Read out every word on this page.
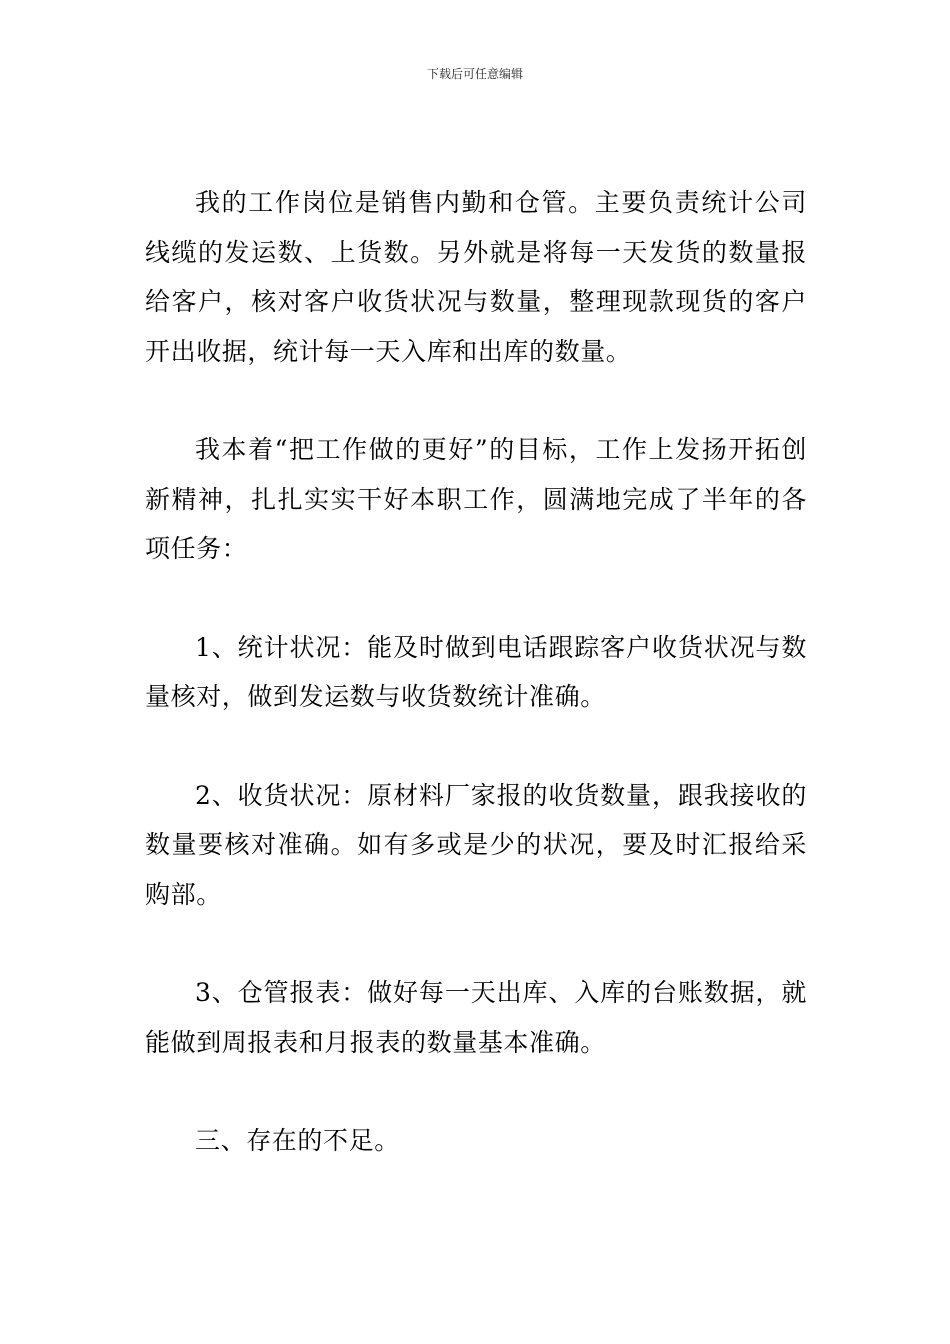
下载后可任意编辑

我的工作岗位是销售内勤和仓管。主要负责统计公司线缆的发运数、上货数。另外就是将每一天发货的数量报给客户，核对客户收货状况与数量，整理现款现货的客户开出收据，统计每一天入库和出库的数量。

我本着“把工作做的更好”的目标，工作上发扬开拓创新精神，扎扎实实干好本职工作，圆满地完成了半年的各项任务：

1、统计状况：能及时做到电话跟踪客户收货状况与数量核对，做到发运数与收货数统计准确。

2、收货状况：原材料厂家报的收货数量，跟我接收的数量要核对准确。如有多或是少的状况，要及时汇报给采购部。

3、仓管报表：做好每一天出库、入库的台账数据，就能做到周报表和月报表的数量基本准确。

三、存在的不足。
